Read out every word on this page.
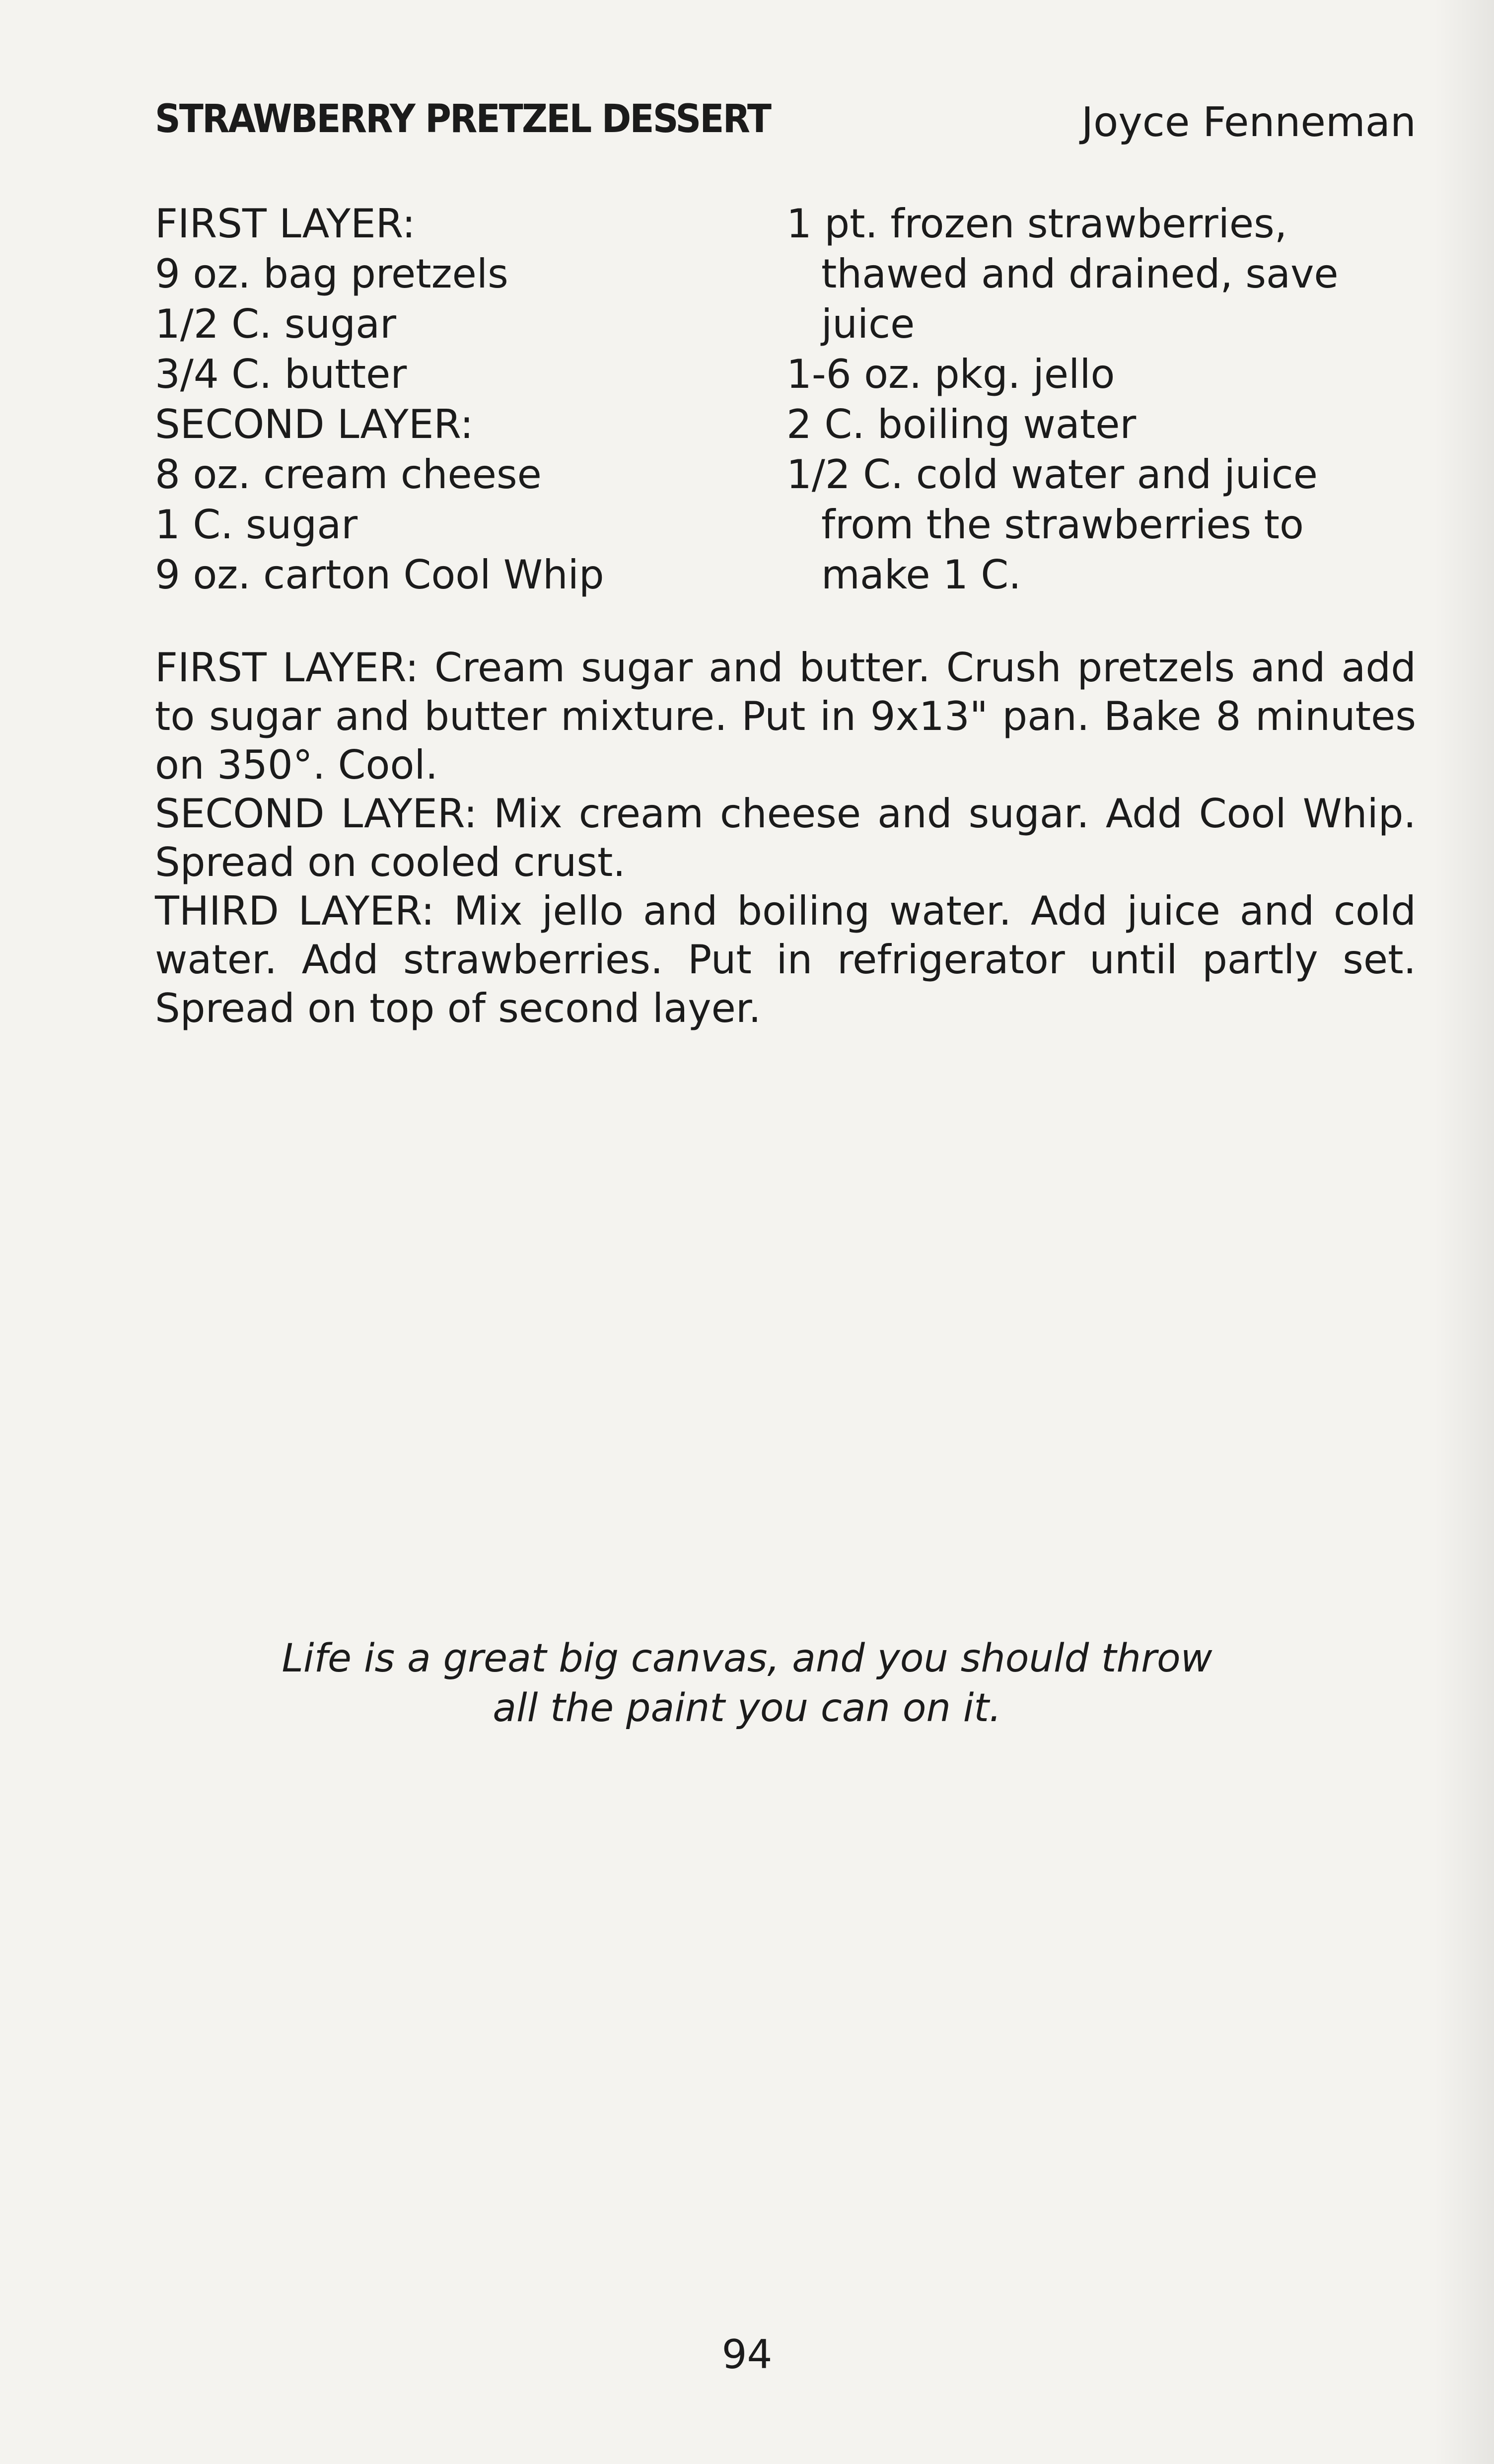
STRAWBERRY PRETZEL DESSERT	Joyce Fenneman
FIRST LAYER:
9 oz. bag pretzels
1/2 C. sugar
3/4 C. butter
SECOND LAYER:
8 oz. cream cheese
1 C. sugar
9 oz. carton Cool Whip
1 pt. frozen strawberries,
thawed and drained, save
juice
1-6 oz. pkg. jello
2 C. boiling water
1/2 C. cold water and juice
from the strawberries to
make 1 C.

FIRST LAYER: Cream sugar and butter. Crush pretzels and add to sugar and butter mixture. Put in 9x13" pan. Bake 8 minutes on 350°. Cool.

SECOND LAYER: Mix cream cheese and sugar. Add Cool Whip. Spread on cooled crust.

THIRD LAYER: Mix jello and boiling water. Add juice and cold water. Add strawberries. Put in refrigerator until partly set. Spread on top of second layer.

Life is a great big canvas, and you should throw
all the paint you can on it.
94
